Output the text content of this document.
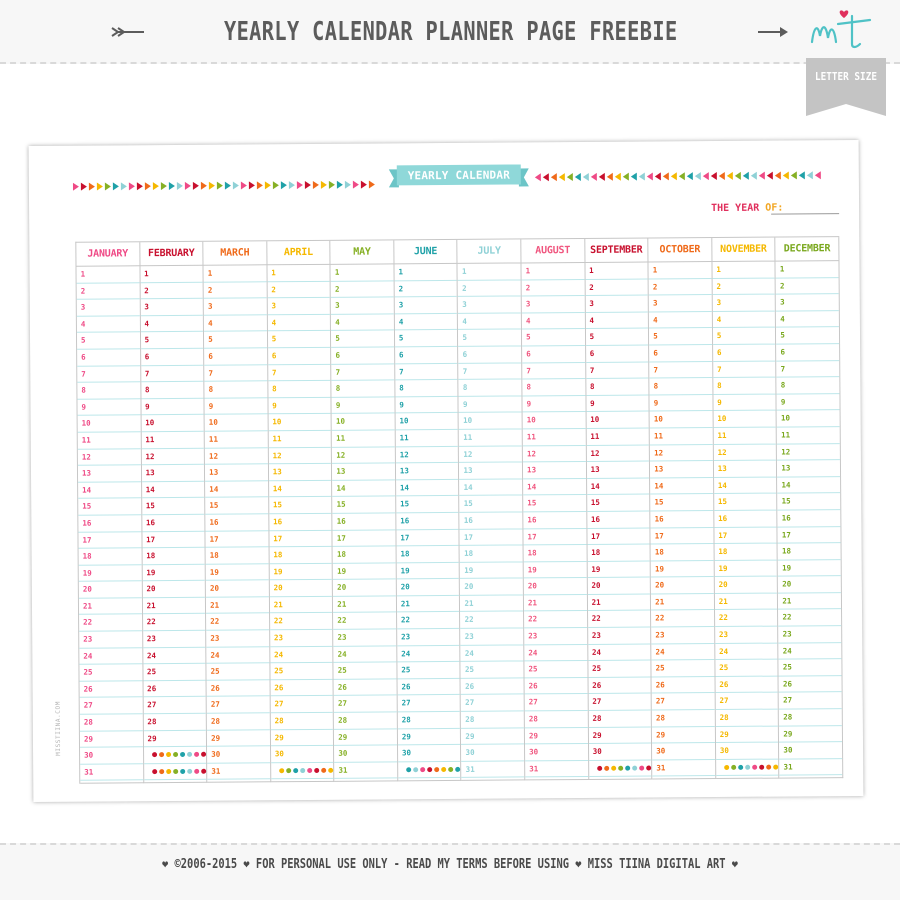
YEARLY CALENDAR PLANNER PAGE FREEBIE
LETTER SIZE
YEARLY CALENDAR
THE YEAR OF:
JANUARY
1
2
3
4
5
6
7
8
9
10
11
12
13
14
15
16
17
18
19
20
21
22
23
24
25
26
27
28
29
30
31
FEBRUARY
1
2
3
4
5
6
7
8
9
10
11
12
13
14
15
16
17
18
19
20
21
22
23
24
25
26
27
28
29
MARCH
1
2
3
4
5
6
7
8
9
10
11
12
13
14
15
16
17
18
19
20
21
22
23
24
25
26
27
28
29
30
31
APRIL
1
2
3
4
5
6
7
8
9
10
11
12
13
14
15
16
17
18
19
20
21
22
23
24
25
26
27
28
29
30
MAY
1
2
3
4
5
6
7
8
9
10
11
12
13
14
15
16
17
18
19
20
21
22
23
24
25
26
27
28
29
30
31
JUNE
1
2
3
4
5
6
7
8
9
10
11
12
13
14
15
16
17
18
19
20
21
22
23
24
25
26
27
28
29
30
JULY
1
2
3
4
5
6
7
8
9
10
11
12
13
14
15
16
17
18
19
20
21
22
23
24
25
26
27
28
29
30
31
AUGUST
1
2
3
4
5
6
7
8
9
10
11
12
13
14
15
16
17
18
19
20
21
22
23
24
25
26
27
28
29
30
31
SEPTEMBER
1
2
3
4
5
6
7
8
9
10
11
12
13
14
15
16
17
18
19
20
21
22
23
24
25
26
27
28
29
30
OCTOBER
1
2
3
4
5
6
7
8
9
10
11
12
13
14
15
16
17
18
19
20
21
22
23
24
25
26
27
28
29
30
31
NOVEMBER
1
2
3
4
5
6
7
8
9
10
11
12
13
14
15
16
17
18
19
20
21
22
23
24
25
26
27
28
29
30
DECEMBER
1
2
3
4
5
6
7
8
9
10
11
12
13
14
15
16
17
18
19
20
21
22
23
24
25
26
27
28
29
30
31
MISSTIINA.COM
❤ ©2006-2015 ❤ FOR PERSONAL USE ONLY - READ MY TERMS BEFORE USING ❤ MISS TIINA DIGITAL ART ❤
